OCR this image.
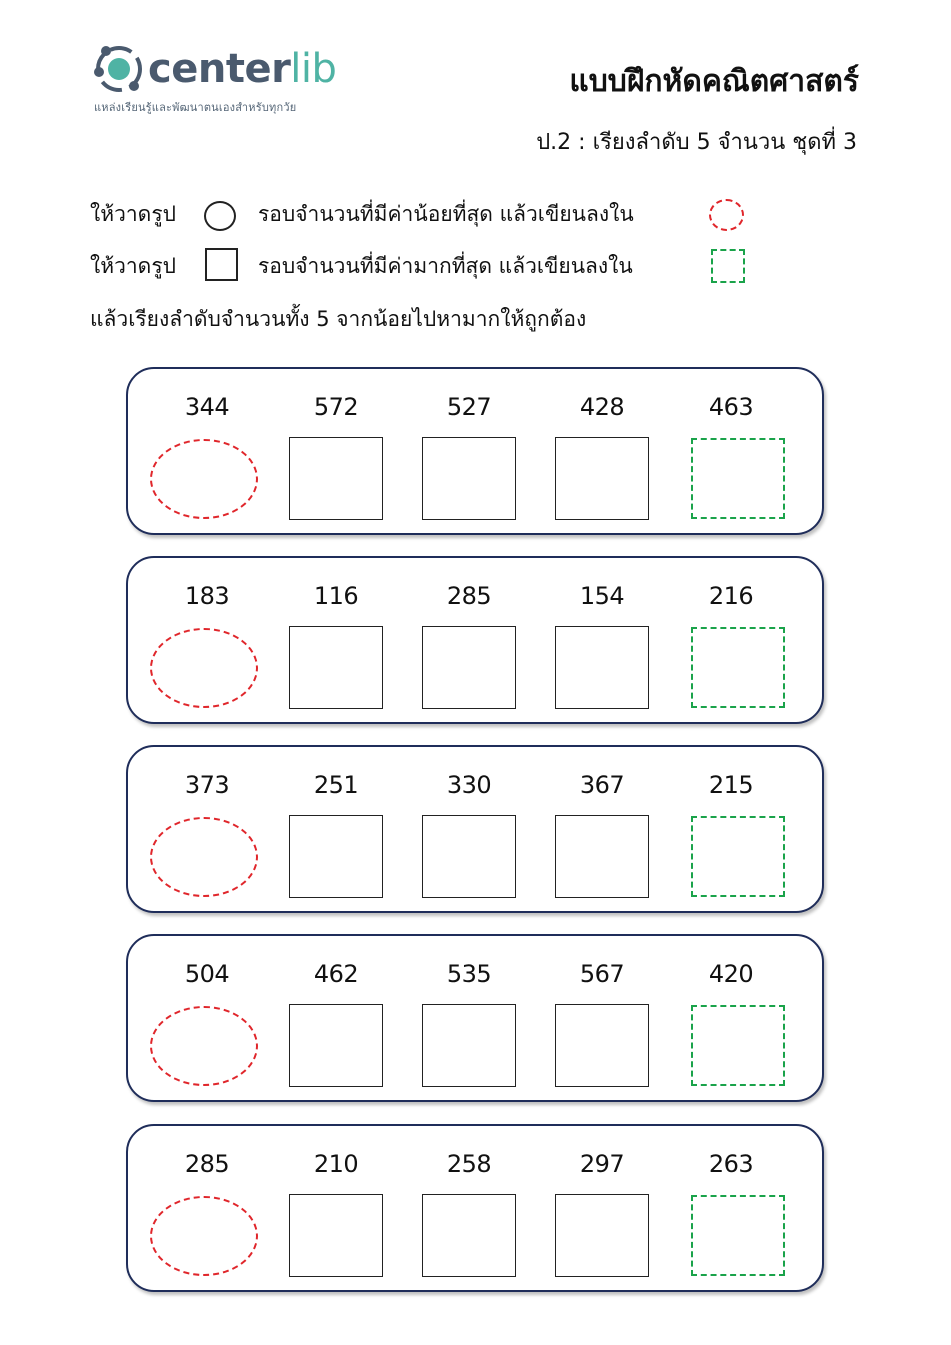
centerlib
แหล่งเรียนรู้และพัฒนาตนเองสำหรับทุกวัย
แบบฝึกหัดคณิตศาสตร์
ป.2 : เรียงลำดับ 5 จำนวน ชุดที่ 3
ให้วาดรูป	รอบจำนวนที่มีค่าน้อยที่สุด แล้วเขียนลงใน
ให้วาดรูป	รอบจำนวนที่มีค่ามากที่สุด แล้วเขียนลงใน
แล้วเรียงลำดับจำนวนทั้ง 5 จากน้อยไปหามากให้ถูกต้อง
344	572	527	428	463
183	116	285	154	216
373	251	330	367	215
504	462	535	567	420
285	210	258	297	263
